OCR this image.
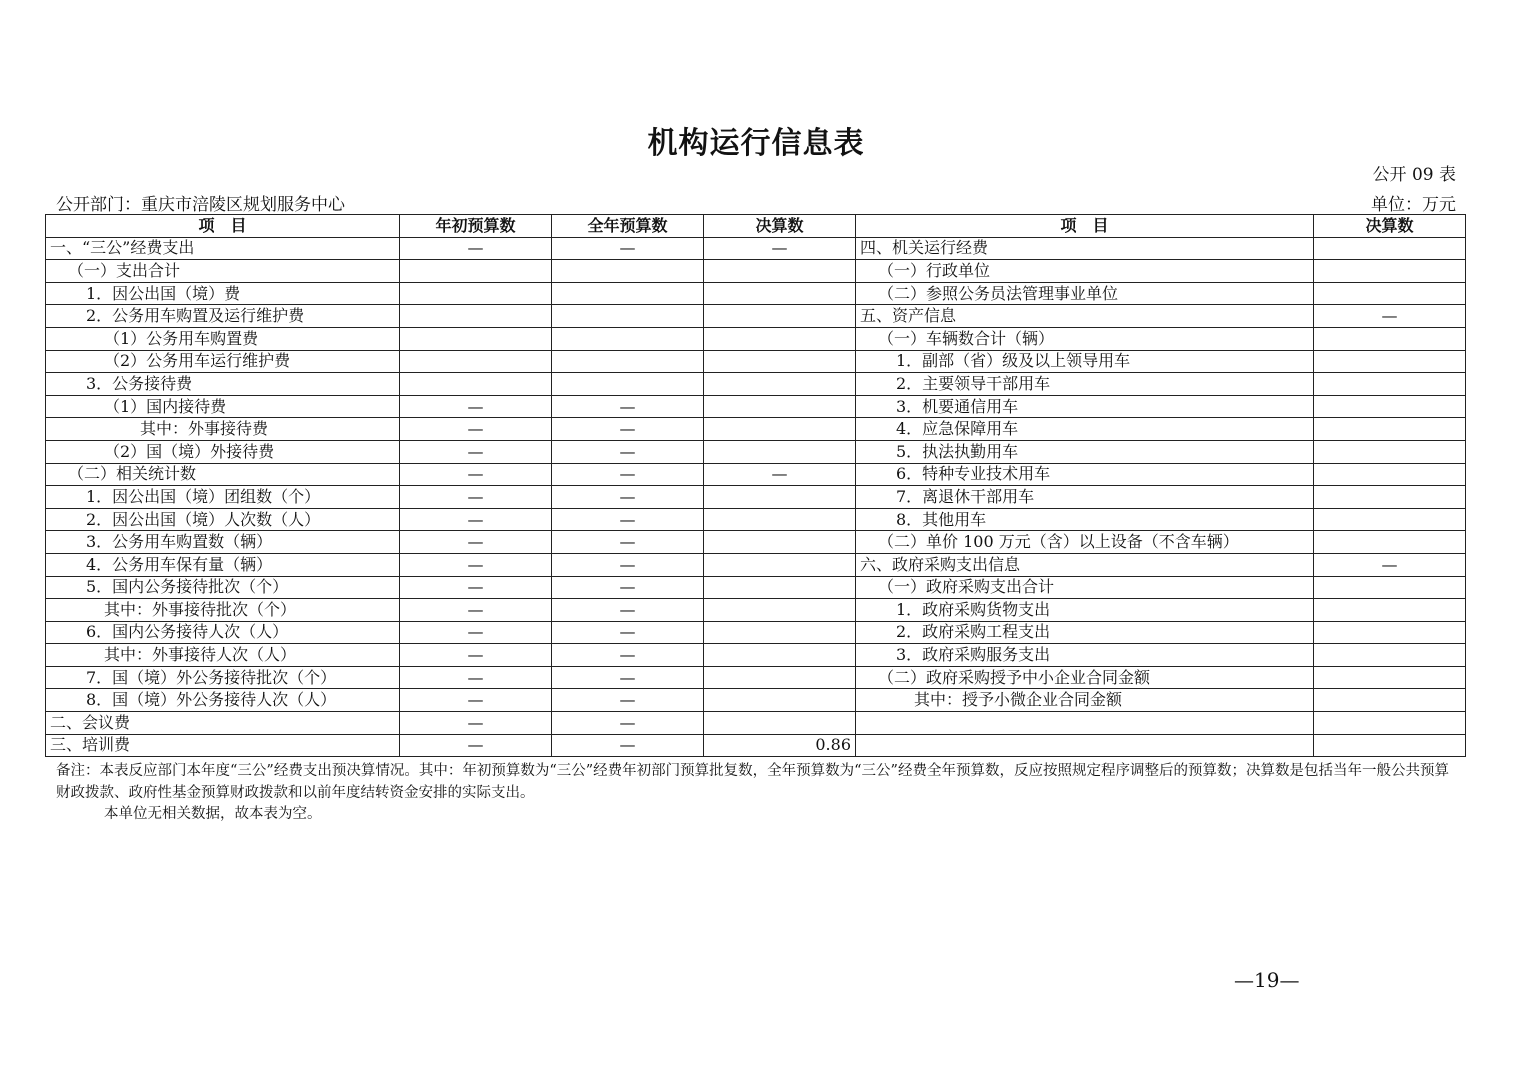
机构运行信息表
公开 09 表
公开部门：重庆市涪陵区规划服务中心	单位：万元
项　目	年初预算数	全年预算数	决算数	项　目	决算数
一、“三公”经费支出	—	—	—	四、机关运行经费	
（一）支出合计				（一）行政单位	
1．因公出国（境）费				（二）参照公务员法管理事业单位	
2．公务用车购置及运行维护费				五、资产信息	—
（1）公务用车购置费				（一）车辆数合计（辆）	
（2）公务用车运行维护费				1．副部（省）级及以上领导用车	
3．公务接待费				2．主要领导干部用车	
（1）国内接待费	—	—		3．机要通信用车	
其中：外事接待费	—	—		4．应急保障用车	
（2）国（境）外接待费	—	—		5．执法执勤用车	
（二）相关统计数	—	—	—	6．特种专业技术用车	
1．因公出国（境）团组数（个）	—	—		7．离退休干部用车	
2．因公出国（境）人次数（人）	—	—		8．其他用车	
3．公务用车购置数（辆）	—	—		（二）单价 100 万元（含）以上设备（不含车辆）	
4．公务用车保有量（辆）	—	—		六、政府采购支出信息	—
5．国内公务接待批次（个）	—	—		（一）政府采购支出合计	
其中：外事接待批次（个）	—	—		1．政府采购货物支出	
6．国内公务接待人次（人）	—	—		2．政府采购工程支出	
其中：外事接待人次（人）	—	—		3．政府采购服务支出	
7．国（境）外公务接待批次（个）	—	—		（二）政府采购授予中小企业合同金额	
8．国（境）外公务接待人次（人）	—	—		其中：授予小微企业合同金额	
二、会议费	—	—			
三、培训费	—	—	0.86		
备注：本表反应部门本年度“三公”经费支出预决算情况。其中：年初预算数为“三公”经费年初部门预算批复数，全年预算数为“三公”经费全年预算数，反应按照规定程序调整后的预算数；决算数是包括当年一般公共预算财政拨款、政府性基金预算财政拨款和以前年度结转资金安排的实际支出。
本单位无相关数据，故本表为空。
—19—
